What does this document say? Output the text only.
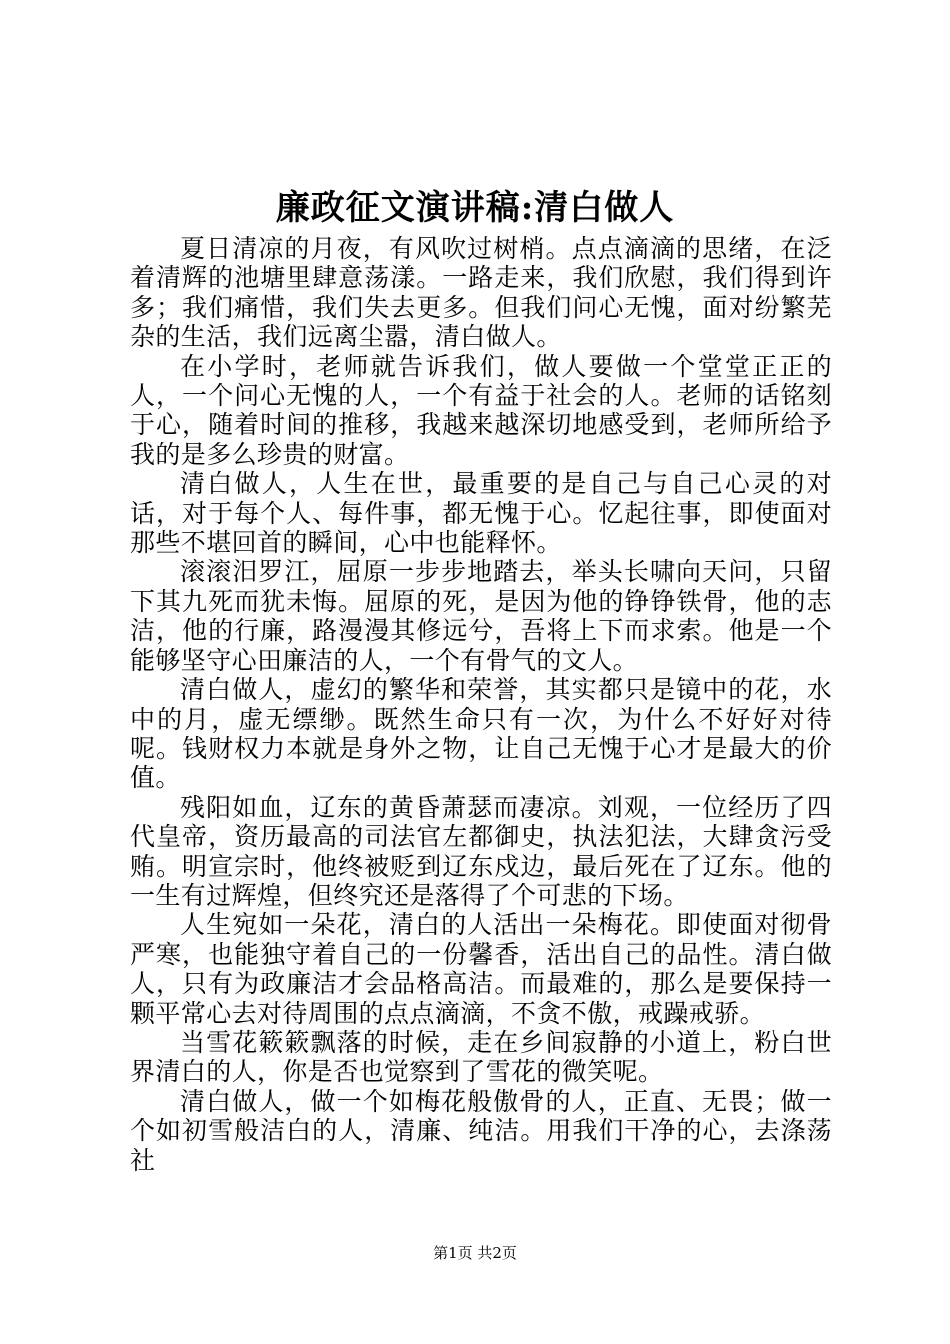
廉政征文演讲稿:清白做人

夏日清凉的月夜，有风吹过树梢。点点滴滴的思绪，在泛着清辉的池塘里肆意荡漾。一路走来，我们欣慰，我们得到许多；我们痛惜，我们失去更多。但我们问心无愧，面对纷繁芜杂的生活，我们远离尘嚣，清白做人。

在小学时，老师就告诉我们，做人要做一个堂堂正正的人，一个问心无愧的人，一个有益于社会的人。老师的话铭刻于心，随着时间的推移，我越来越深切地感受到，老师所给予我的是多么珍贵的财富。

清白做人，人生在世，最重要的是自己与自己心灵的对话，对于每个人、每件事，都无愧于心。忆起往事，即使面对那些不堪回首的瞬间，心中也能释怀。

滚滚汨罗江，屈原一步步地踏去，举头长啸向天问，只留下其九死而犹未悔。屈原的死，是因为他的铮铮铁骨，他的志洁，他的行廉，路漫漫其修远兮，吾将上下而求索。他是一个能够坚守心田廉洁的人，一个有骨气的文人。

清白做人，虚幻的繁华和荣誉，其实都只是镜中的花，水中的月，虚无缥缈。既然生命只有一次，为什么不好好对待呢。钱财权力本就是身外之物，让自己无愧于心才是最大的价值。

残阳如血，辽东的黄昏萧瑟而凄凉。刘观，一位经历了四代皇帝，资历最高的司法官左都御史，执法犯法，大肆贪污受贿。明宣宗时，他终被贬到辽东戍边，最后死在了辽东。他的一生有过辉煌，但终究还是落得了个可悲的下场。

人生宛如一朵花，清白的人活出一朵梅花。即使面对彻骨严寒，也能独守着自己的一份馨香，活出自己的品性。清白做人，只有为政廉洁才会品格高洁。而最难的，那么是要保持一颗平常心去对待周围的点点滴滴，不贪不傲，戒躁戒骄。

当雪花簌簌飘落的时候，走在乡间寂静的小道上，粉白世界清白的人，你是否也觉察到了雪花的微笑呢。

清白做人，做一个如梅花般傲骨的人，正直、无畏；做一个如初雪般洁白的人，清廉、纯洁。用我们干净的心，去涤荡社

第1页 共2页
